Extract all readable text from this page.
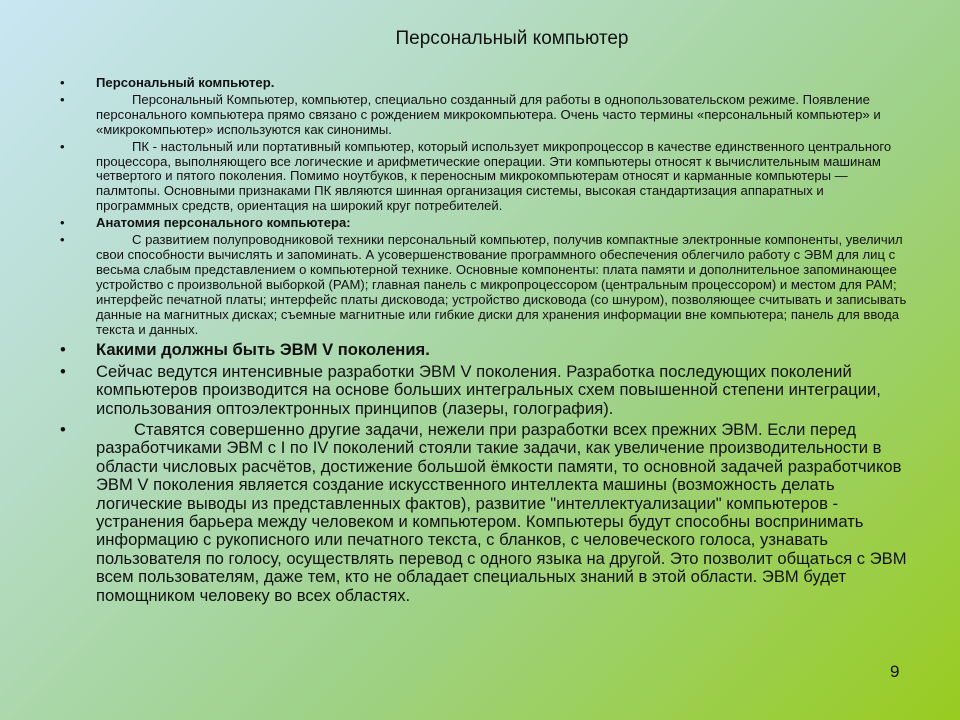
Персональный компьютер
• Персональный компьютер.
•	Персональный Компьютер, компьютер, специально созданный для работы в однопользовательском режиме. Появление персонального компьютера прямо связано с рождением микрокомпьютера. Очень часто термины «персональный компьютер» и «микрокомпьютер» используются как синонимы.
•	ПК - настольный или портативный компьютер, который использует микропроцессор в качестве единственного центрального процессора, выполняющего все логические и арифметические операции. Эти компьютеры относят к вычислительным машинам четвертого и пятого поколения. Помимо ноутбуков, к переносным микрокомпьютерам относят и карманные компьютеры — палмтопы. Основными признаками ПК являются шинная организация системы, высокая стандартизация аппаратных и программных средств, ориентация на широкий круг потребителей.
• Анатомия персонального компьютера:
•	С развитием полупроводниковой техники персональный компьютер, получив компактные электронные компоненты, увеличил свои способности вычислять и запоминать. А усовершенствование программного обеспечения облегчило работу с ЭВМ для лиц с весьма слабым представлением о компьютерной технике. Основные компоненты: плата памяти и дополнительное запоминающее устройство с произвольной выборкой (РАМ); главная панель с микропроцессором (центральным процессором) и местом для РАМ; интерфейс печатной платы; интерфейс платы дисковода; устройство дисковода (со шнуром), позволяющее считывать и записывать данные на магнитных дисках; съемные магнитные или гибкие диски для хранения информации вне компьютера; панель для ввода текста и данных.
• Какими должны быть ЭВМ V поколения.
• Сейчас ведутся интенсивные разработки ЭВМ V поколения. Разработка последующих поколений компьютеров производится на основе больших интегральных схем повышенной степени интеграции, использования оптоэлектронных принципов (лазеры, голография).
•	Ставятся совершенно другие задачи, нежели при разработки всех прежних ЭВМ. Если перед разработчиками ЭВМ с I по IV поколений стояли такие задачи, как увеличение производительности в области числовых расчётов, достижение большой ёмкости памяти, то основной задачей разработчиков ЭВМ V поколения является создание искусственного интеллекта машины (возможность делать логические выводы из представленных фактов), развитие "интеллектуализации" компьютеров - устранения барьера между человеком и компьютером. Компьютеры будут способны воспринимать информацию с рукописного или печатного текста, с бланков, с человеческого голоса, узнавать пользователя по голосу, осуществлять перевод с одного языка на другой. Это позволит общаться с ЭВМ всем пользователям, даже тем, кто не обладает специальных знаний в этой области. ЭВМ будет помощником человеку во всех областях.
9
